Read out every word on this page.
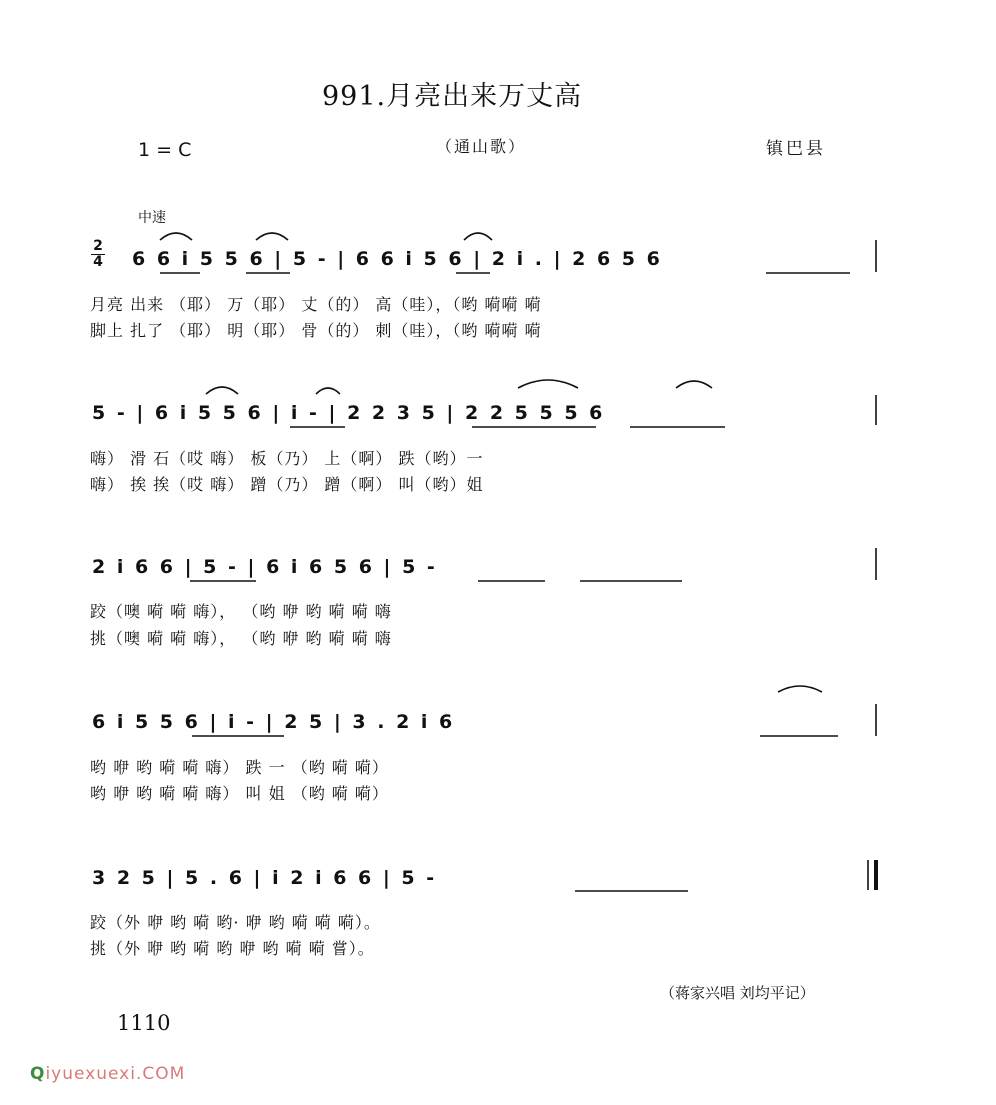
991.月亮出来万丈高
1 = C	（通山歌）	镇巴县
中速
2
4 6 6 i 5 5 6 | 5 - | 6 6 i 5 6 | 2 i . | 2 6 5 6
月亮 出来 （耶） 万（耶） 丈（的） 高（哇），（哟 嗬嗬 嗬
脚上 扎了 （耶） 明（耶） 骨（的） 刺（哇），（哟 嗬嗬 嗬
5 - | 6 i 5 5 6 | i - | 2 2 3 5 | 2 2 5 5 5 6
嗨） 滑 石（哎 嗨） 板（乃） 上（啊） 跌（哟）一
嗨） 挨 挨（哎 嗨） 蹭（乃） 蹭（啊） 叫（哟）姐
2 i 6 6 | 5 - | 6 i 6 5 6 | 5 -
跤（噢 嗬 嗬 嗨）， （哟 咿 哟 嗬 嗬 嗨
挑（噢 嗬 嗬 嗨）， （哟 咿 哟 嗬 嗬 嗨
6 i 5 5 6 | i - | 2 5 | 3 . 2 i 6
哟 咿 哟 嗬 嗬 嗨） 跌 一 （哟 嗬 嗬）
哟 咿 哟 嗬 嗬 嗨） 叫 姐 （哟 嗬 嗬）
3 2 5 | 5 . 6 | i 2 i 6 6 | 5 -
跤（外 咿 哟 嗬 哟· 咿 哟 嗬 嗬 嗬）。
挑（外 咿 哟 嗬 哟 咿 哟 嗬 嗬 嘗）。
（蒋家兴唱 刘均平记）
1110
Qiyuexuexi.COM
